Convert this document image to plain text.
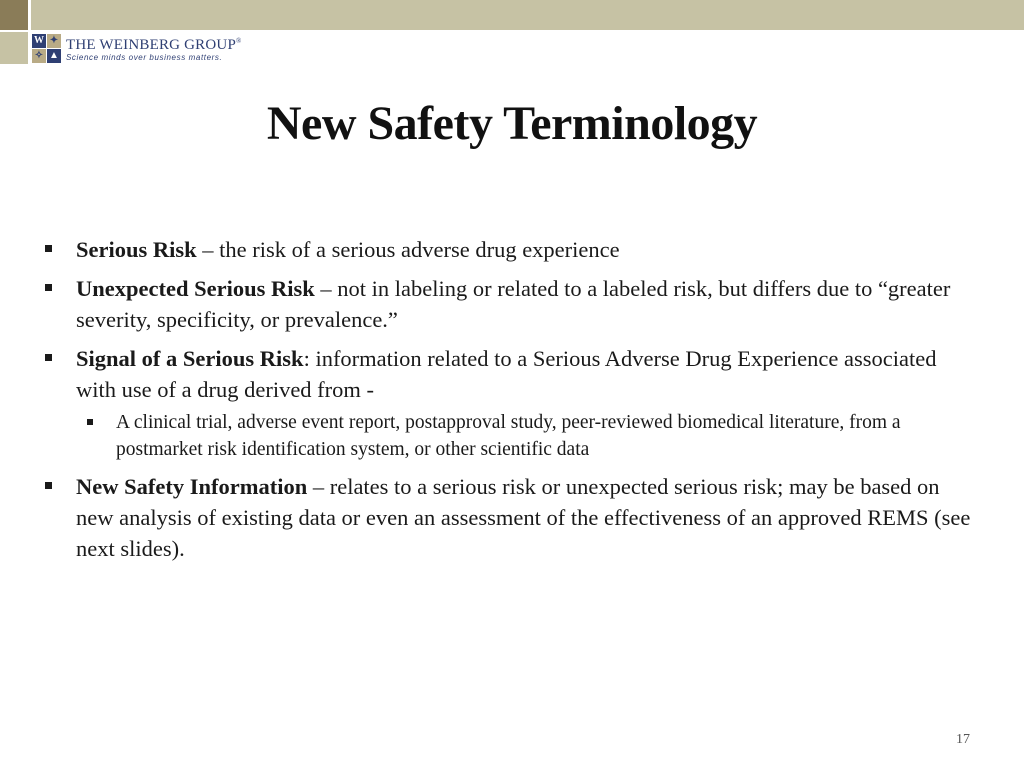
W ✦
✧ ▲
THE WEINBERG GROUP®
Science minds over business matters.
New Safety Terminology
Serious Risk – the risk of a serious adverse drug experience
Unexpected Serious Risk – not in labeling or related to a labeled risk, but differs due to “greater severity, specificity, or prevalence.”
Signal of a Serious Risk: information related to a Serious Adverse Drug Experience associated with use of a drug derived from -
A clinical trial, adverse event report, postapproval study, peer-reviewed biomedical literature, from a postmarket risk identification system, or other scientific data
New Safety Information – relates to a serious risk or unexpected serious risk; may be based on new analysis of existing data or even an assessment of the effectiveness of an approved REMS (see next slides).
17
